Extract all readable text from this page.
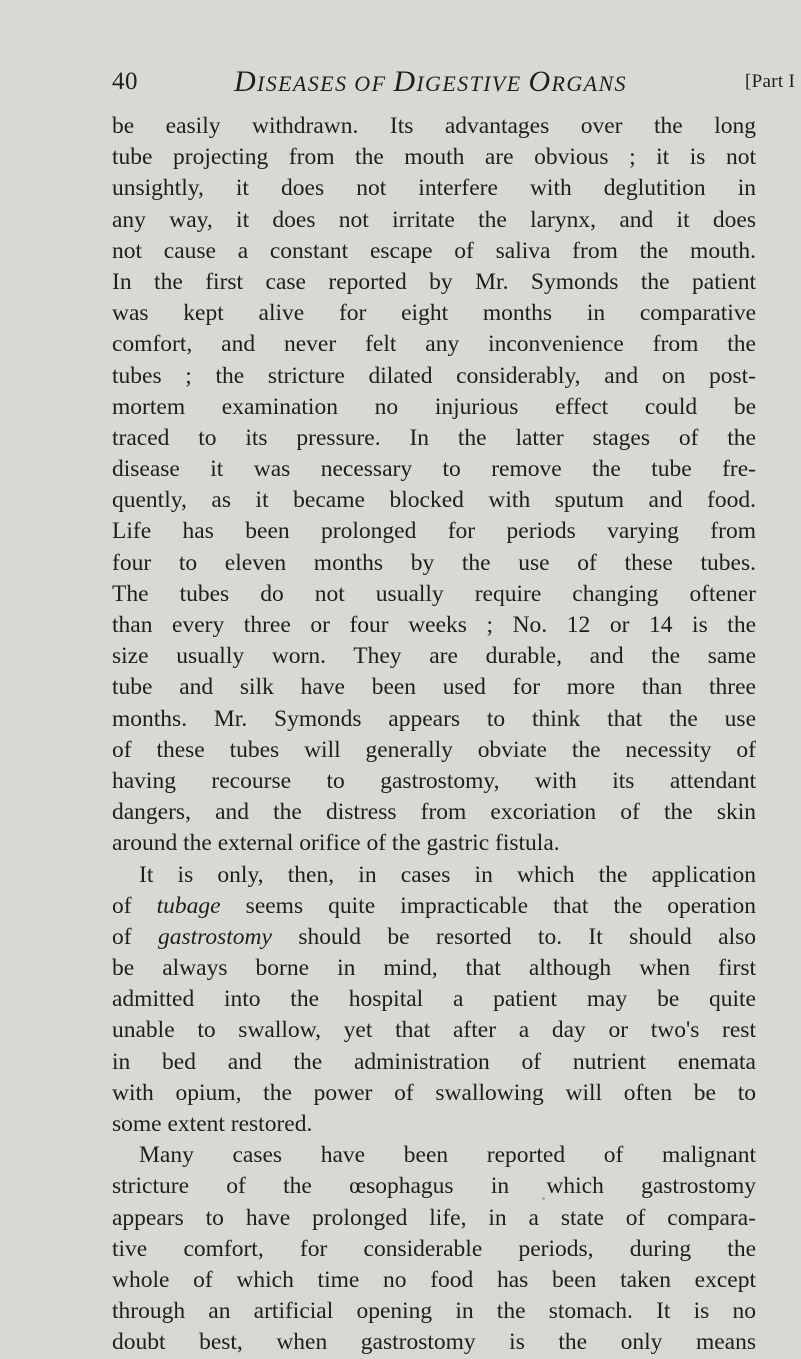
40	DISEASES OF DIGESTIVE ORGANS	[Part I
be easily withdrawn. Its advantages over the long
tube projecting from the mouth are obvious ; it is not
unsightly, it does not interfere with deglutition in
any way, it does not irritate the larynx, and it does
not cause a constant escape of saliva from the mouth.
In the first case reported by Mr. Symonds the patient
was kept alive for eight months in comparative
comfort, and never felt any inconvenience from the
tubes ; the stricture dilated considerably, and on post-
mortem examination no injurious effect could be
traced to its pressure. In the latter stages of the
disease it was necessary to remove the tube fre-
quently, as it became blocked with sputum and food.
Life has been prolonged for periods varying from
four to eleven months by the use of these tubes.
The tubes do not usually require changing oftener
than every three or four weeks ; No. 12 or 14 is the
size usually worn. They are durable, and the same
tube and silk have been used for more than three
months. Mr. Symonds appears to think that the use
of these tubes will generally obviate the necessity of
having recourse to gastrostomy, with its attendant
dangers, and the distress from excoriation of the skin
around the external orifice of the gastric fistula.
It is only, then, in cases in which the application
of tubage seems quite impracticable that the operation
of gastrostomy should be resorted to. It should also
be always borne in mind, that although when first
admitted into the hospital a patient may be quite
unable to swallow, yet that after a day or two's rest
in bed and the administration of nutrient enemata
with opium, the power of swallowing will often be to
some extent restored.
Many cases have been reported of malignant
stricture of the œsophagus in which gastrostomy
appears to have prolonged life, in a state of compara-
tive comfort, for considerable periods, during the
whole of which time no food has been taken except
through an artificial opening in the stomach. It is no
doubt best, when gastrostomy is the only means
